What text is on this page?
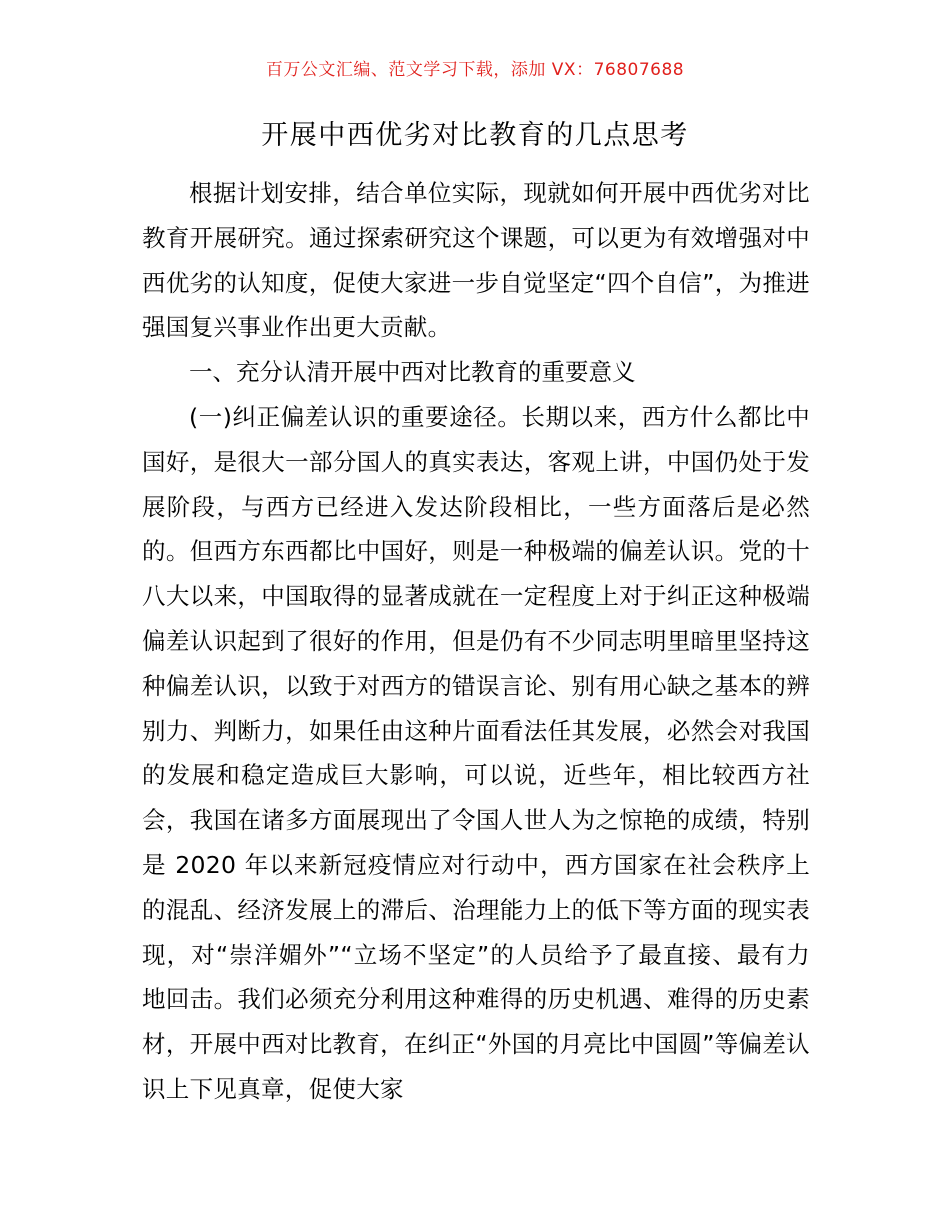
百万公文汇编、范文学习下载，添加 VX：76807688
开展中西优劣对比教育的几点思考

根据计划安排，结合单位实际，现就如何开展中西优劣对比教育开展研究。通过探索研究这个课题，可以更为有效增强对中西优劣的认知度，促使大家进一步自觉坚定“四个自信”，为推进强国复兴事业作出更大贡献。

一、充分认清开展中西对比教育的重要意义

(一)纠正偏差认识的重要途径。长期以来，西方什么都比中国好，是很大一部分国人的真实表达，客观上讲，中国仍处于发展阶段，与西方已经进入发达阶段相比，一些方面落后是必然的。但西方东西都比中国好，则是一种极端的偏差认识。党的十八大以来，中国取得的显著成就在一定程度上对于纠正这种极端偏差认识起到了很好的作用，但是仍有不少同志明里暗里坚持这种偏差认识，以致于对西方的错误言论、别有用心缺之基本的辨别力、判断力，如果任由这种片面看法任其发展，必然会对我国的发展和稳定造成巨大影响，可以说，近些年，相比较西方社会，我国在诸多方面展现出了令国人世人为之惊艳的成绩，特别是 2020 年以来新冠疫情应对行动中，西方国家在社会秩序上的混乱、经济发展上的滞后、治理能力上的低下等方面的现实表现，对“崇洋媚外”“立场不坚定”的人员给予了最直接、最有力地回击。我们必须充分利用这种难得的历史机遇、难得的历史素材，开展中西对比教育，在纠正“外国的月亮比中国圆”等偏差认识上下见真章，促使大家
